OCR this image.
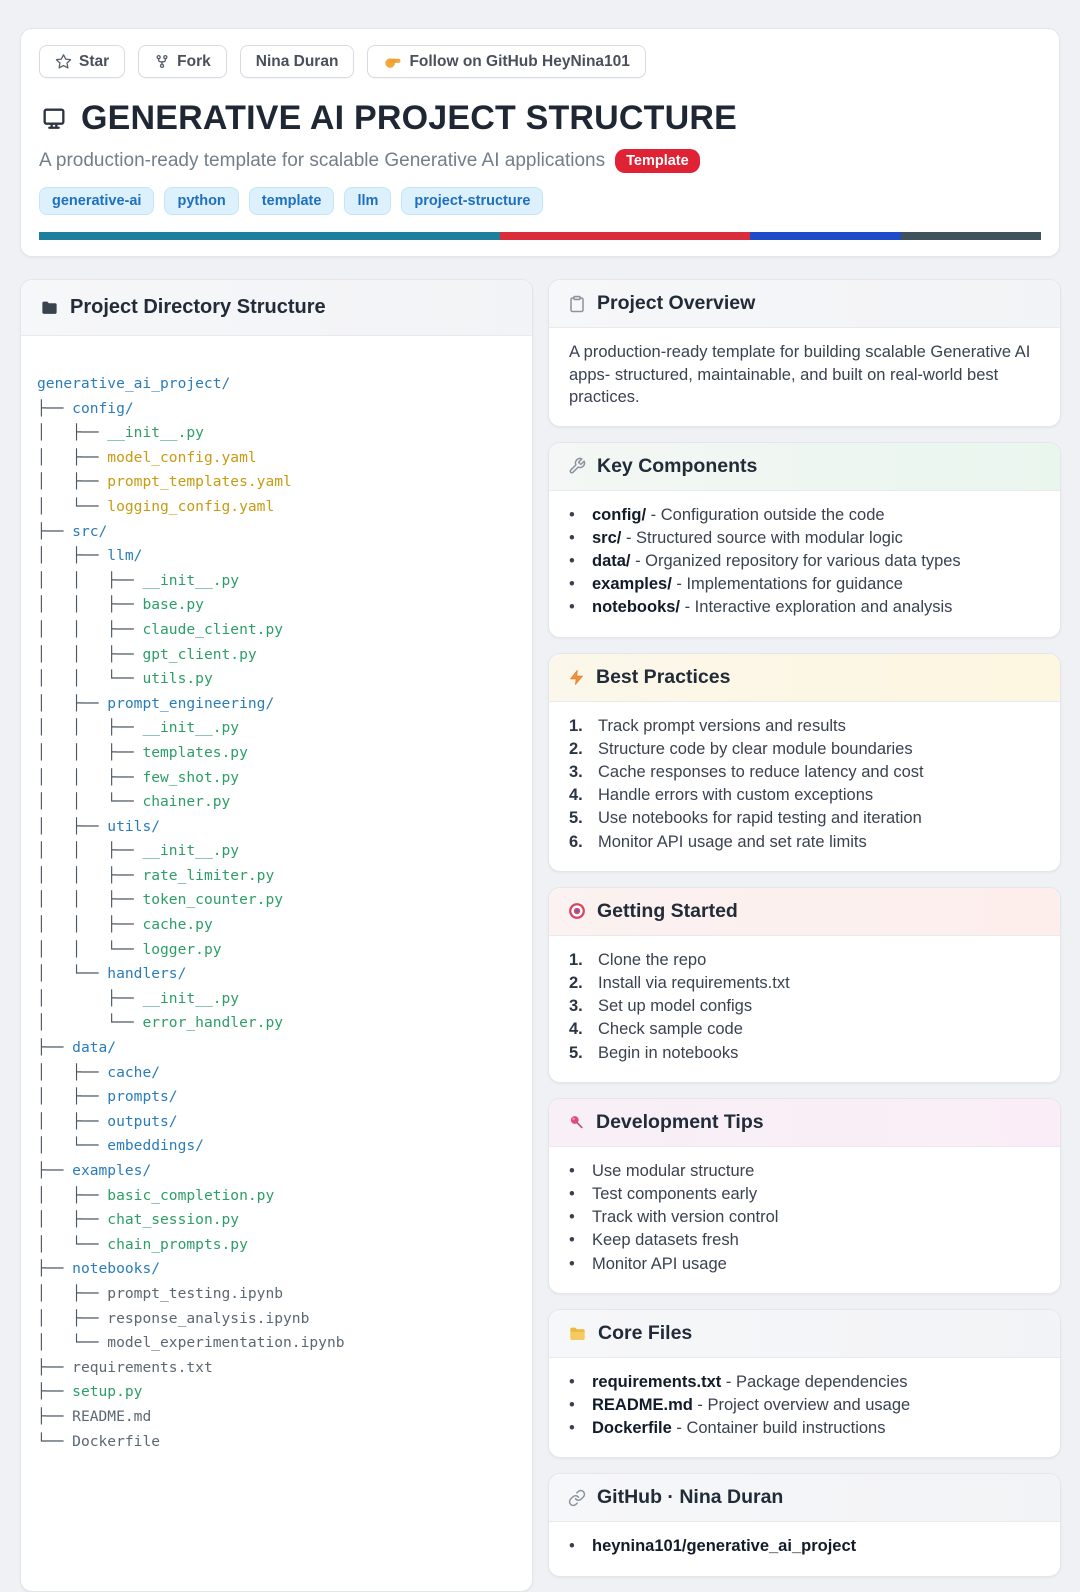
Star	Fork	Nina Duran	Follow on GitHub HeyNina101
GENERATIVE AI PROJECT STRUCTURE
A production-ready template for scalable Generative AI applications	Template
generative-ai	python	template	llm	project-structure
Project Directory Structure
generative_ai_project/
├── config/
│   ├── __init__.py
│   ├── model_config.yaml
│   ├── prompt_templates.yaml
│   └── logging_config.yaml
├── src/
│   ├── llm/
│   │   ├── __init__.py
│   │   ├── base.py
│   │   ├── claude_client.py
│   │   ├── gpt_client.py
│   │   └── utils.py
│   ├── prompt_engineering/
│   │   ├── __init__.py
│   │   ├── templates.py
│   │   ├── few_shot.py
│   │   └── chainer.py
│   ├── utils/
│   │   ├── __init__.py
│   │   ├── rate_limiter.py
│   │   ├── token_counter.py
│   │   ├── cache.py
│   │   └── logger.py
│   └── handlers/
│       ├── __init__.py
│       └── error_handler.py
├── data/
│   ├── cache/
│   ├── prompts/
│   ├── outputs/
│   └── embeddings/
├── examples/
│   ├── basic_completion.py
│   ├── chat_session.py
│   └── chain_prompts.py
├── notebooks/
│   ├── prompt_testing.ipynb
│   ├── response_analysis.ipynb
│   └── model_experimentation.ipynb
├── requirements.txt
├── setup.py
├── README.md
└── Dockerfile
Project Overview

A production-ready template for building scalable Generative AI apps- structured, maintainable, and built on real-world best practices.

Key Components
•	config/ - Configuration outside the code
•	src/ - Structured source with modular logic
•	data/ - Organized repository for various data types
•	examples/ - Implementations for guidance
•	notebooks/ - Interactive exploration and analysis
Best Practices
1. Track prompt versions and results
2. Structure code by clear module boundaries
3. Cache responses to reduce latency and cost
4. Handle errors with custom exceptions
5. Use notebooks for rapid testing and iteration
6. Monitor API usage and set rate limits
Getting Started
1. Clone the repo
2. Install via requirements.txt
3. Set up model configs
4. Check sample code
5. Begin in notebooks
Development Tips
•	Use modular structure
•	Test components early
•	Track with version control
•	Keep datasets fresh
•	Monitor API usage
Core Files
•	requirements.txt - Package dependencies
•	README.md - Project overview and usage
•	Dockerfile - Container build instructions
GitHub · Nina Duran
•	heynina101/generative_ai_project
